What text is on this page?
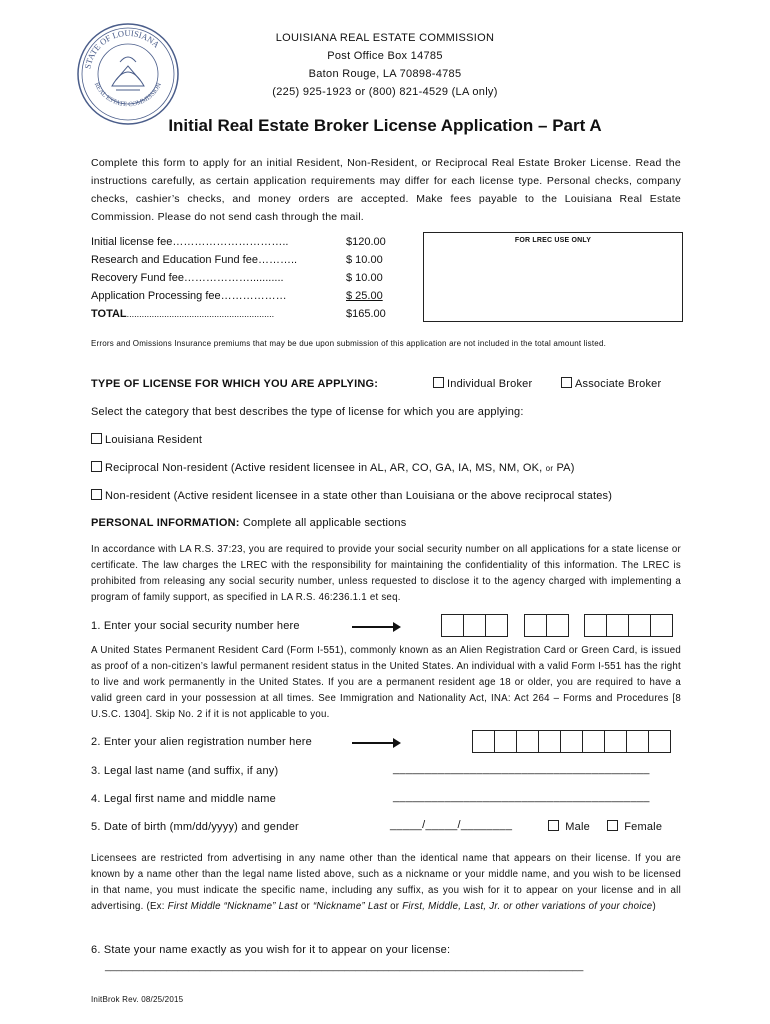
STATE OF LOUISIANA
REAL ESTATE COMMISSION
LOUISIANA REAL ESTATE COMMISSION
Post Office Box 14785
Baton Rouge, LA 70898-4785
(225) 925-1923 or (800) 821-4529 (LA only)
Initial Real Estate Broker License Application – Part A
Complete this form to apply for an initial Resident, Non-Resident, or Reciprocal Real Estate Broker License. Read the instructions carefully, as certain application requirements may differ for each license type. Personal checks, company checks, cashier’s checks, and money orders are accepted. Make fees payable to the Louisiana Real Estate Commission. Please do not send cash through the mail.
Initial license fee…………………………..	$120.00
Research and Education Fund fee………..	$ 10.00
Recovery Fund fee………………...........	$ 10.00
Application Processing fee………………	$ 25.00
TOTAL...........................................................	$165.00
FOR LREC USE ONLY
Errors and Omissions Insurance premiums that may be due upon submission of this application are not included in the total amount listed.
TYPE OF LICENSE FOR WHICH YOU ARE APPLYING:	Individual Broker	Associate Broker
Select the category that best describes the type of license for which you are applying:
Louisiana Resident
Reciprocal Non-resident (Active resident licensee in AL, AR, CO, GA, IA, MS, NM, OK, or PA)
Non-resident (Active resident licensee in a state other than Louisiana or the above reciprocal states)
PERSONAL INFORMATION: Complete all applicable sections
In accordance with LA R.S. 37:23, you are required to provide your social security number on all applications for a state license or certificate. The law charges the LREC with the responsibility for maintaining the confidentiality of this information. The LREC is prohibited from releasing any social security number, unless requested to disclose it to the agency charged with implementing a program of family support, as specified in LA R.S. 46:236.1.1 et seq.
1. Enter your social security number here
A United States Permanent Resident Card (Form I-551), commonly known as an Alien Registration Card or Green Card, is issued as proof of a non-citizen’s lawful permanent resident status in the United States. An individual with a valid Form I-551 has the right to live and work permanently in the United States. If you are a permanent resident age 18 or older, you are required to have a valid green card in your possession at all times. See Immigration and Nationality Act, INA: Act 264 – Forms and Procedures [8 U.S.C. 1304]. Skip No. 2 if it is not applicable to you.
2. Enter your alien registration number here
3. Legal last name (and suffix, if any)	________________________________________
4. Legal first name and middle name	________________________________________
5. Date of birth (mm/dd/yyyy) and gender	_____/_____/________	Male	Female
Licensees are restricted from advertising in any name other than the identical name that appears on their license. If you are known by a name other than the legal name listed above, such as a nickname or your middle name, and you wish to be licensed in that name, you must indicate the specific name, including any suffix, as you wish for it to appear on your license and in all advertising. (Ex: First Middle “Nickname” Last or “Nickname” Last or First, Middle, Last, Jr. or other variations of your choice)
6. State your name exactly as you wish for it to appear on your license:
______________________________________________________________________________________
InitBrok Rev. 08/25/2015
